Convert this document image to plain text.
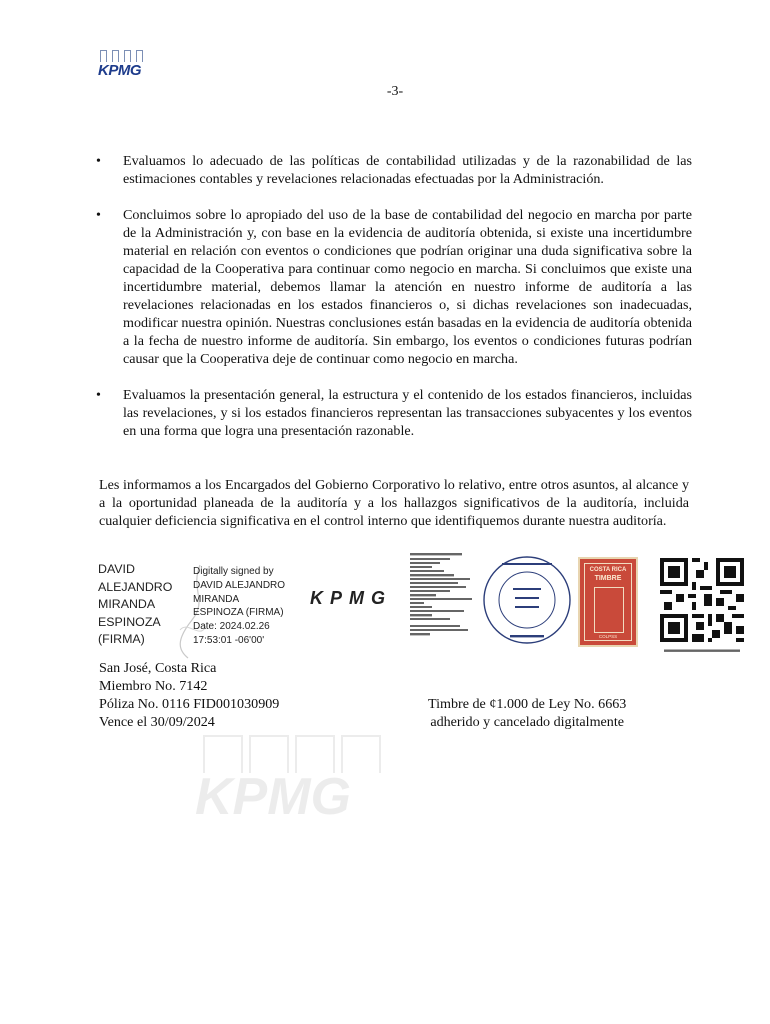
KPMG
-3-
• Evaluamos lo adecuado de las políticas de contabilidad utilizadas y de la razonabilidad de las estimaciones contables y revelaciones relacionadas efectuadas por la Administración.
• Concluimos sobre lo apropiado del uso de la base de contabilidad del negocio en marcha por parte de la Administración y, con base en la evidencia de auditoría obtenida, si existe una incertidumbre material en relación con eventos o condiciones que podrían originar una duda significativa sobre la capacidad de la Cooperativa para continuar como negocio en marcha. Si concluimos que existe una incertidumbre material, debemos llamar la atención en nuestro informe de auditoría a las revelaciones relacionadas en los estados financieros o, si dichas revelaciones son inadecuadas, modificar nuestra opinión. Nuestras conclusiones están basadas en la evidencia de auditoría obtenida a la fecha de nuestro informe de auditoría. Sin embargo, los eventos o condiciones futuras podrían causar que la Cooperativa deje de continuar como negocio en marcha.
• Evaluamos la presentación general, la estructura y el contenido de los estados financieros, incluidas las revelaciones, y si los estados financieros representan las transacciones subyacentes y los eventos en una forma que logra una presentación razonable.
Les informamos a los Encargados del Gobierno Corporativo lo relativo, entre otros asuntos, al alcance y a la oportunidad planeada de la auditoría y a los hallazgos significativos de la auditoría, incluida cualquier deficiencia significativa en el control interno que identifiquemos durante nuestra auditoría.
DAVID
ALEJANDRO
MIRANDA
ESPINOZA
(FIRMA)
Digitally signed by
DAVID ALEJANDRO
MIRANDA
ESPINOZA (FIRMA)
Date: 2024.02.26
17:53:01 -06'00'
KPMG
COSTA RICA
TIMBRE
COLPSS
San José, Costa Rica
Miembro No. 7142
Póliza No. 0116 FID001030909
Vence el 30/09/2024
Timbre de ¢1.000 de Ley No. 6663
adherido y cancelado digitalmente
KPMG
